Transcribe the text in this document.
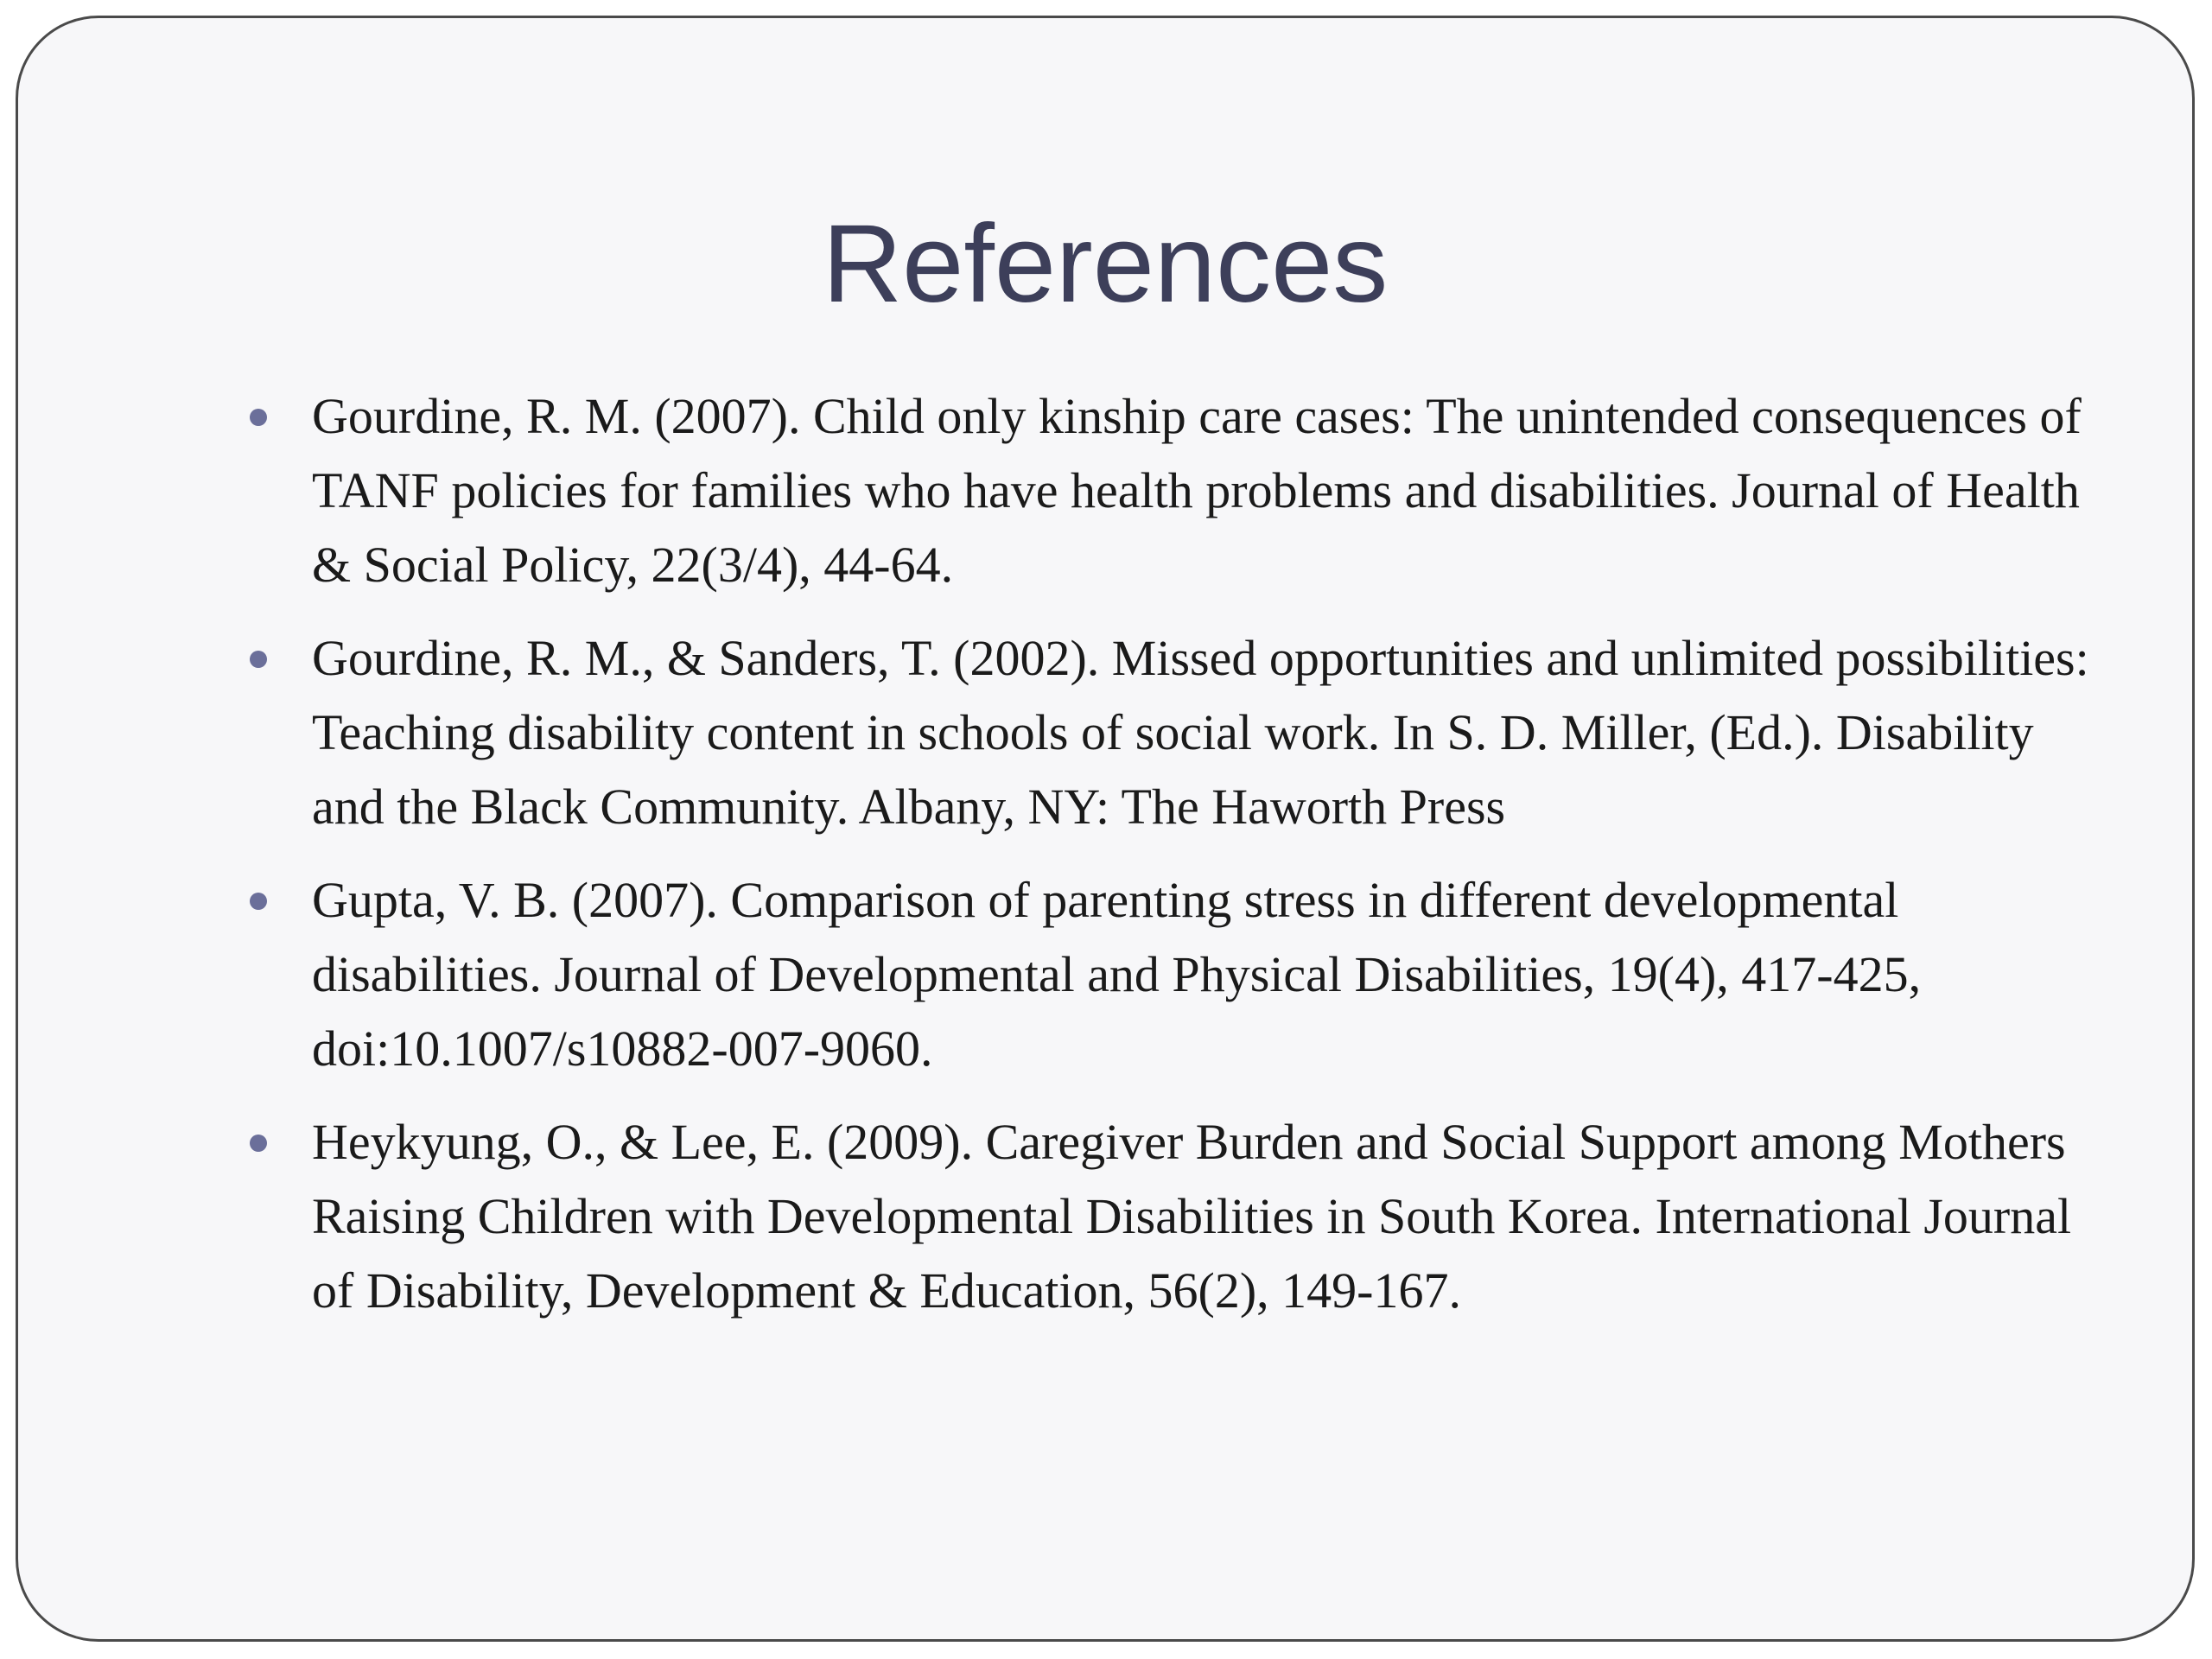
References
Gourdine, R. M. (2007). Child only kinship care cases: The unintended consequences of TANF policies for families who have health problems and disabilities. Journal of Health & Social Policy, 22(3/4), 44-64.
Gourdine, R. M., & Sanders, T. (2002). Missed opportunities and unlimited possibilities: Teaching disability content in schools of social work. In S. D. Miller, (Ed.). Disability and the Black Community. Albany, NY: The Haworth Press
Gupta, V. B. (2007). Comparison of parenting stress in different developmental disabilities. Journal of Developmental and Physical Disabilities, 19(4), 417-425, doi:10.1007/s10882-007-9060.
Heykyung, O., & Lee, E. (2009). Caregiver Burden and Social Support among Mothers Raising Children with Developmental Disabilities in South Korea. International Journal of Disability, Development & Education, 56(2), 149-167.
